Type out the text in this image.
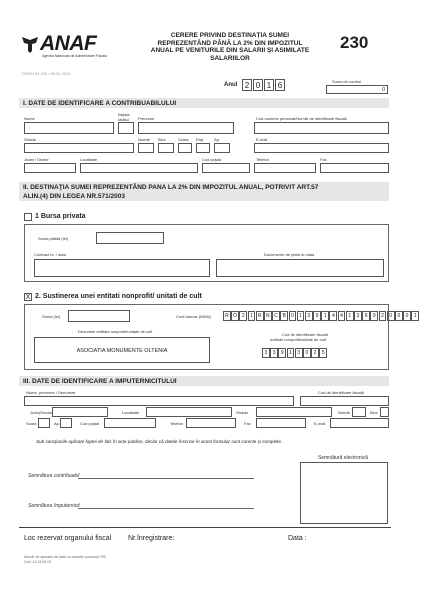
ANAF
Agentia Nationala de Administrare Fiscala
CERERE PRIVIND DESTINAȚIA SUMEI
REPREZENTÂND PÂNĂ LA 2% DIN IMPOZITUL
ANUAL PE VENITURILE DIN SALARII ȘI ASIMILATE
SALARIILOR
230
DGFM 91 230 / 06.01.2015
Anul 2 0 1 6	Suma de control
0
I. DATE DE IDENTIFICARE A CONTRIBUABILULUI
Nume
Iniţiala tatălui	Prenume	Cod numeric personal/Număr de identificare fiscală
Strada	Număr Bloc	Scara Etaj	Ap.	E-mail
Judeţ / Sector	Localitate	Cod poştal	Telefon	Fax
II. DESTINAŢIA SUMEI REPREZENTÂND PANA LA 2% DIN IMPOZITUL ANUAL, POTRIVIT ART.57
ALIN.(4) DIN LEGEA NR.571/2003
1 Bursa privata
Suma plătită (lei)
Contract nr. / data	Documente de plată nr./data
X 2. Sustinerea unei entitati nonprofit/ unitati de cult
Suma (lei)	Cont bancar (IBAN)	R O 2	1 R N C B	0	1	3	9	1	4	4	1	3	6	9	2	0	0	0	1
Denumire entitate nonprofit/unitate de cult
ASOCIATIA MONUMENTE OLTENIA
Cod de identificare fiscală
entitate nonprofit/unitate de cult
3	3	9	1	3	0	2	5
III. DATE DE IDENTIFICARE A IMPUTERNICITULUI
Nume, prenume / Denumire	Cod de identificare fiscală
Judeţ/Sector	Localitate	Strada	Număr	Bloc
Scara	Ap.	Cod poştal	Telefon	Fax	E-mail
Sub sancţiunile aplicate faptei de fals în acte publice, declar că datele înscrise în acest formular sunt corecte şi complete.
Semnătură electronică
Semnătura contribuabil
Semnătura împuternicit
Loc rezervat organului fiscal Nr.înregistrare:	Data :
Număr de operator de date cu caracter personal 759
Cod: 14.13.06.13
